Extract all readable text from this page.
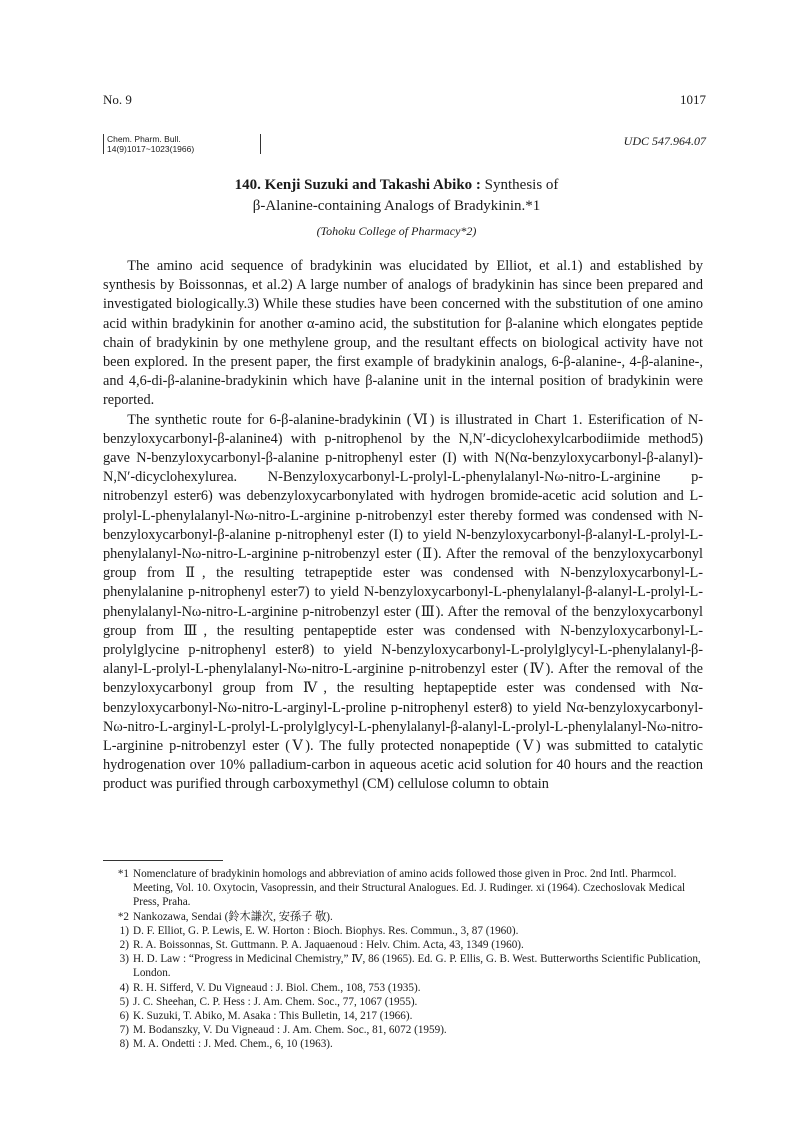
No. 9	1017
Chem. Pharm. Bull.
14(9)1017~1023(1966)
UDC 547.964.07
140. Kenji Suzuki and Takashi Abiko : Synthesis of
β-Alanine-containing Analogs of Bradykinin.*1
(Tohoku College of Pharmacy*2)

The amino acid sequence of bradykinin was elucidated by Elliot, et al.1) and established by synthesis by Boissonnas, et al.2) A large number of analogs of bradykinin has since been prepared and investigated biologically.3) While these studies have been concerned with the substitution of one amino acid within bradykinin for another α-amino acid, the substitution for β-alanine which elongates peptide chain of bradykinin by one methylene group, and the resultant effects on biological activity have not been explored. In the present paper, the first example of bradykinin analogs, 6-β-alanine-, 4-β-alanine-, and 4,6-di-β-alanine-bradykinin which have β-alanine unit in the internal position of bradykinin were reported.

The synthetic route for 6-β-alanine-bradykinin (Ⅵ) is illustrated in Chart 1. Esterification of N-benzyloxycarbonyl-β-alanine4) with p-nitrophenol by the N,N′-dicyclohexylcarbodiimide method5) gave N-benzyloxycarbonyl-β-alanine p-nitrophenyl ester (I) with N(Nα-benzyloxycarbonyl-β-alanyl)-N,N′-dicyclohexylurea. N-Benzyloxycarbonyl-L-prolyl-L-phenylalanyl-Nω-nitro-L-arginine p-nitrobenzyl ester6) was debenzyloxycarbonylated with hydrogen bromide-acetic acid solution and L-prolyl-L-phenylalanyl-Nω-nitro-L-arginine p-nitrobenzyl ester thereby formed was condensed with N-benzyloxycarbonyl-β-alanine p-nitrophenyl ester (I) to yield N-benzyloxycarbonyl-β-alanyl-L-prolyl-L-phenylalanyl-Nω-nitro-L-arginine p-nitrobenzyl ester (Ⅱ). After the removal of the benzyloxycarbonyl group from Ⅱ, the resulting tetrapeptide ester was condensed with N-benzyloxycarbonyl-L-phenylalanine p-nitrophenyl ester7) to yield N-benzyloxycarbonyl-L-phenylalanyl-β-alanyl-L-prolyl-L-phenylalanyl-Nω-nitro-L-arginine p-nitrobenzyl ester (Ⅲ). After the removal of the benzyloxycarbonyl group from Ⅲ, the resulting pentapeptide ester was condensed with N-benzyloxycarbonyl-L-prolylglycine p-nitrophenyl ester8) to yield N-benzyloxycarbonyl-L-prolylglycyl-L-phenylalanyl-β-alanyl-L-prolyl-L-phenylalanyl-Nω-nitro-L-arginine p-nitrobenzyl ester (Ⅳ). After the removal of the benzyloxycarbonyl group from Ⅳ, the resulting heptapeptide ester was condensed with Nα-benzyloxycarbonyl-Nω-nitro-L-arginyl-L-proline p-nitrophenyl ester8) to yield Nα-benzyloxycarbonyl-Nω-nitro-L-arginyl-L-prolyl-L-prolylglycyl-L-phenylalanyl-β-alanyl-L-prolyl-L-phenylalanyl-Nω-nitro-L-arginine p-nitrobenzyl ester (Ⅴ). The fully protected nonapeptide (Ⅴ) was submitted to catalytic hydrogenation over 10% palladium-carbon in aqueous acetic acid solution for 40 hours and the reaction product was purified through carboxymethyl (CM) cellulose column to obtain

*1 Nomenclature of bradykinin homologs and abbreviation of amino acids followed those given in Proc. 2nd Intl. Pharmcol. Meeting, Vol. 10. Oxytocin, Vasopressin, and their Structural Analogues. Ed. J. Rudinger. xi (1964). Czechoslovak Medical Press, Praha.
*2 Nankozawa, Sendai (鈴木謙次, 安孫子 敬).
1) D. F. Elliot, G. P. Lewis, E. W. Horton : Bioch. Biophys. Res. Commun., 3, 87 (1960).
2) R. A. Boissonnas, St. Guttmann. P. A. Jaquaenoud : Helv. Chim. Acta, 43, 1349 (1960).
3) H. D. Law : “Progress in Medicinal Chemistry,” Ⅳ, 86 (1965). Ed. G. P. Ellis, G. B. West. Butterworths Scientific Publication, London.
4) R. H. Sifferd, V. Du Vigneaud : J. Biol. Chem., 108, 753 (1935).
5) J. C. Sheehan, C. P. Hess : J. Am. Chem. Soc., 77, 1067 (1955).
6) K. Suzuki, T. Abiko, M. Asaka : This Bulletin, 14, 217 (1966).
7) M. Bodanszky, V. Du Vigneaud : J. Am. Chem. Soc., 81, 6072 (1959).
8) M. A. Ondetti : J. Med. Chem., 6, 10 (1963).
